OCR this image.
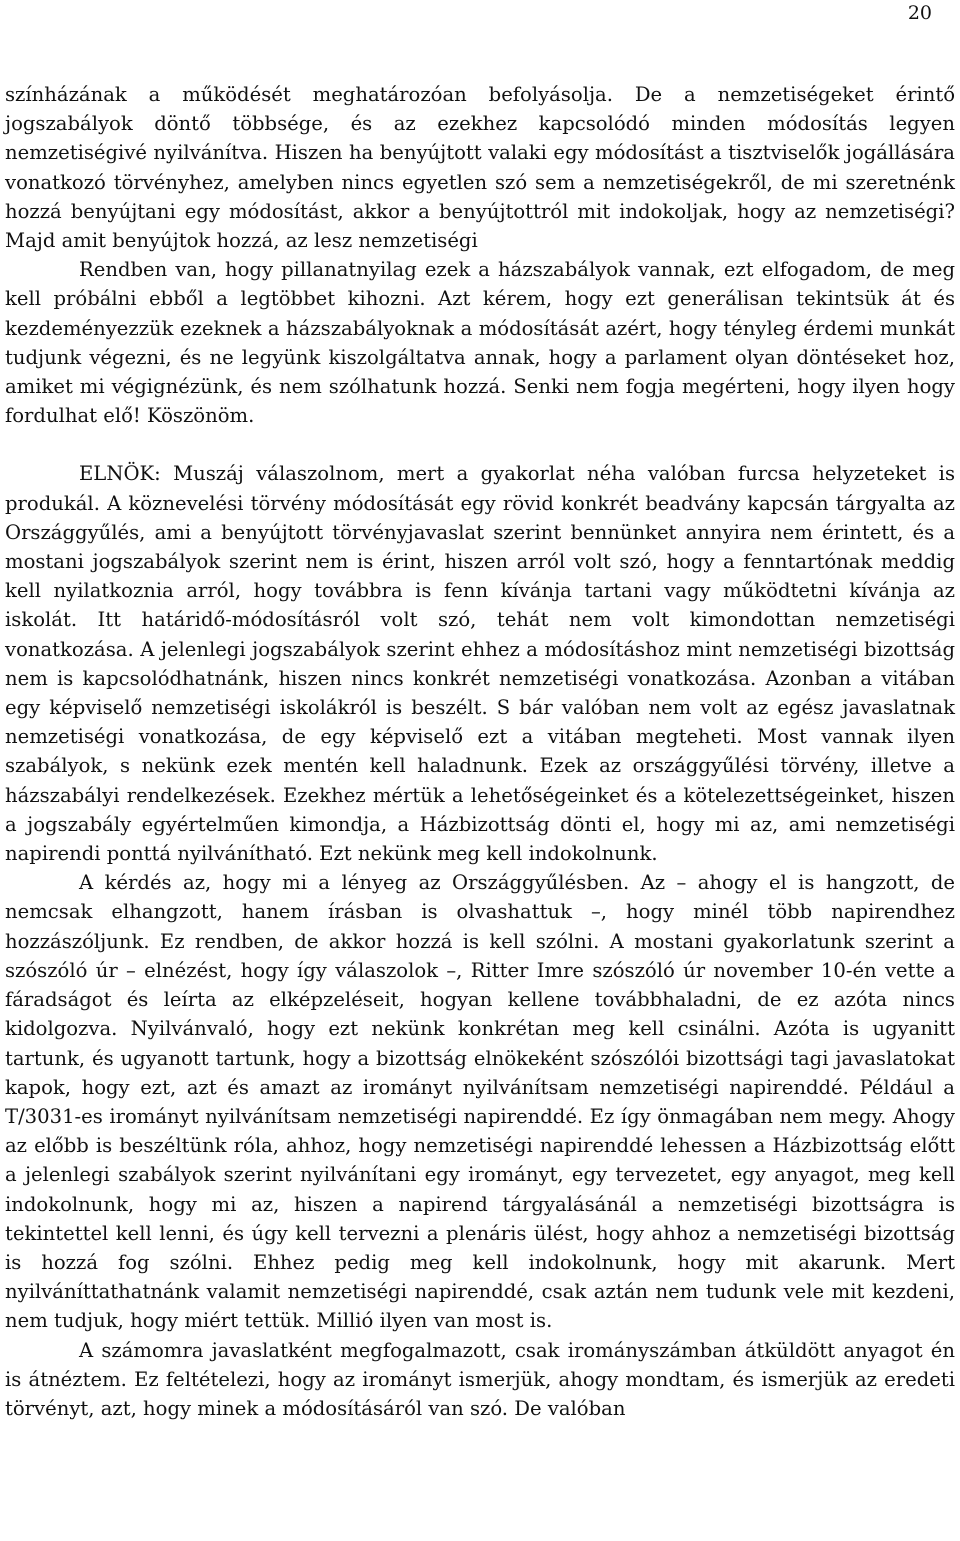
20

színházának a működését meghatározóan befolyásolja. De a nemzetiségeket érintő jogszabályok döntő többsége, és az ezekhez kapcsolódó minden módosítás legyen nemzetiségivé nyilvánítva. Hiszen ha benyújtott valaki egy módosítást a tisztviselők jogállására vonatkozó törvényhez, amelyben nincs egyetlen szó sem a nemzetiségekről, de mi szeretnénk hozzá benyújtani egy módosítást, akkor a benyújtottról mit indokoljak, hogy az nemzetiségi? Majd amit benyújtok hozzá, az lesz nemzetiségi

Rendben van, hogy pillanatnyilag ezek a házszabályok vannak, ezt elfogadom, de meg kell próbálni ebből a legtöbbet kihozni. Azt kérem, hogy ezt generálisan tekintsük át és kezdeményezzük ezeknek a házszabályoknak a módosítását azért, hogy tényleg érdemi munkát tudjunk végezni, és ne legyünk kiszolgáltatva annak, hogy a parlament olyan döntéseket hoz, amiket mi végignézünk, és nem szólhatunk hozzá. Senki nem fogja megérteni, hogy ilyen hogy fordulhat elő! Köszönöm.

ELNÖK: Muszáj válaszolnom, mert a gyakorlat néha valóban furcsa helyzeteket is produkál. A köznevelési törvény módosítását egy rövid konkrét beadvány kapcsán tárgyalta az Országgyűlés, ami a benyújtott törvényjavaslat szerint bennünket annyira nem érintett, és a mostani jogszabályok szerint nem is érint, hiszen arról volt szó, hogy a fenntartónak meddig kell nyilatkoznia arról, hogy továbbra is fenn kívánja tartani vagy működtetni kívánja az iskolát. Itt határidő-módosításról volt szó, tehát nem volt kimondottan nemzetiségi vonatkozása. A jelenlegi jogszabályok szerint ehhez a módosításhoz mint nemzetiségi bizottság nem is kapcsolódhatnánk, hiszen nincs konkrét nemzetiségi vonatkozása. Azonban a vitában egy képviselő nemzetiségi iskolákról is beszélt. S bár valóban nem volt az egész javaslatnak nemzetiségi vonatkozása, de egy képviselő ezt a vitában megteheti. Most vannak ilyen szabályok, s nekünk ezek mentén kell haladnunk. Ezek az országgyűlési törvény, illetve a házszabályi rendelkezések. Ezekhez mértük a lehetőségeinket és a kötelezettségeinket, hiszen a jogszabály egyértelműen kimondja, a Házbizottság dönti el, hogy mi az, ami nemzetiségi napirendi ponttá nyilvánítható. Ezt nekünk meg kell indokolnunk.

A kérdés az, hogy mi a lényeg az Országgyűlésben. Az – ahogy el is hangzott, de nemcsak elhangzott, hanem írásban is olvashattuk –, hogy minél több napirendhez hozzászóljunk. Ez rendben, de akkor hozzá is kell szólni. A mostani gyakorlatunk szerint a szószóló úr – elnézést, hogy így válaszolok –, Ritter Imre szószóló úr november 10-én vette a fáradságot és leírta az elképzeléseit, hogyan kellene továbbhaladni, de ez azóta nincs kidolgozva. Nyilvánvaló, hogy ezt nekünk konkrétan meg kell csinálni. Azóta is ugyanitt tartunk, és ugyanott tartunk, hogy a bizottság elnökeként szószólói bizottsági tagi javaslatokat kapok, hogy ezt, azt és amazt az irományt nyilvánítsam nemzetiségi napirenddé. Például a T/3031-es irományt nyilvánítsam nemzetiségi napirenddé. Ez így önmagában nem megy. Ahogy az előbb is beszéltünk róla, ahhoz, hogy nemzetiségi napirenddé lehessen a Házbizottság előtt a jelenlegi szabályok szerint nyilvánítani egy irományt, egy tervezetet, egy anyagot, meg kell indokolnunk, hogy mi az, hiszen a napirend tárgyalásánál a nemzetiségi bizottságra is tekintettel kell lenni, és úgy kell tervezni a plenáris ülést, hogy ahhoz a nemzetiségi bizottság is hozzá fog szólni. Ehhez pedig meg kell indokolnunk, hogy mit akarunk. Mert nyilváníttathatnánk valamit nemzetiségi napirenddé, csak aztán nem tudunk vele mit kezdeni, nem tudjuk, hogy miért tettük. Millió ilyen van most is.

A számomra javaslatként megfogalmazott, csak irományszámban átküldött anyagot én is átnéztem. Ez feltételezi, hogy az irományt ismerjük, ahogy mondtam, és ismerjük az eredeti törvényt, azt, hogy minek a módosításáról van szó. De valóban
